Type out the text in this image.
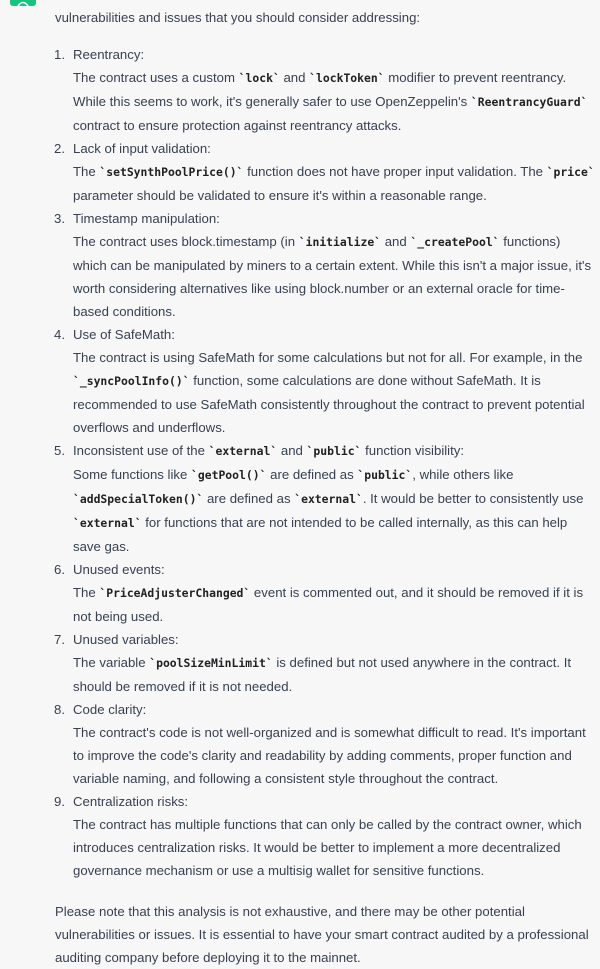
vulnerabilities and issues that you should consider addressing:

1. Reentrancy:
The contract uses a custom `lock` and `lockToken` modifier to prevent reentrancy. While this seems to work, it's generally safer to use OpenZeppelin's `ReentrancyGuard` contract to ensure protection against reentrancy attacks.
2. Lack of input validation:
The `setSynthPoolPrice()` function does not have proper input validation. The `price` parameter should be validated to ensure it's within a reasonable range.
3. Timestamp manipulation:
The contract uses block.timestamp (in `initialize` and `_createPool` functions) which can be manipulated by miners to a certain extent. While this isn't a major issue, it's worth considering alternatives like using block.number or an external oracle for time-based conditions.
4. Use of SafeMath:
The contract is using SafeMath for some calculations but not for all. For example, in the `_syncPoolInfo()` function, some calculations are done without SafeMath. It is recommended to use SafeMath consistently throughout the contract to prevent potential overflows and underflows.
5. Inconsistent use of the `external` and `public` function visibility:
Some functions like `getPool()` are defined as `public`, while others like `addSpecialToken()` are defined as `external`. It would be better to consistently use `external` for functions that are not intended to be called internally, as this can help save gas.
6. Unused events:
The `PriceAdjusterChanged` event is commented out, and it should be removed if it is not being used.
7. Unused variables:
The variable `poolSizeMinLimit` is defined but not used anywhere in the contract. It should be removed if it is not needed.
8. Code clarity:
The contract's code is not well-organized and is somewhat difficult to read. It's important to improve the code's clarity and readability by adding comments, proper function and variable naming, and following a consistent style throughout the contract.
9. Centralization risks:
The contract has multiple functions that can only be called by the contract owner, which introduces centralization risks. It would be better to implement a more decentralized governance mechanism or use a multisig wallet for sensitive functions.

Please note that this analysis is not exhaustive, and there may be other potential vulnerabilities or issues. It is essential to have your smart contract audited by a professional auditing company before deploying it to the mainnet.
